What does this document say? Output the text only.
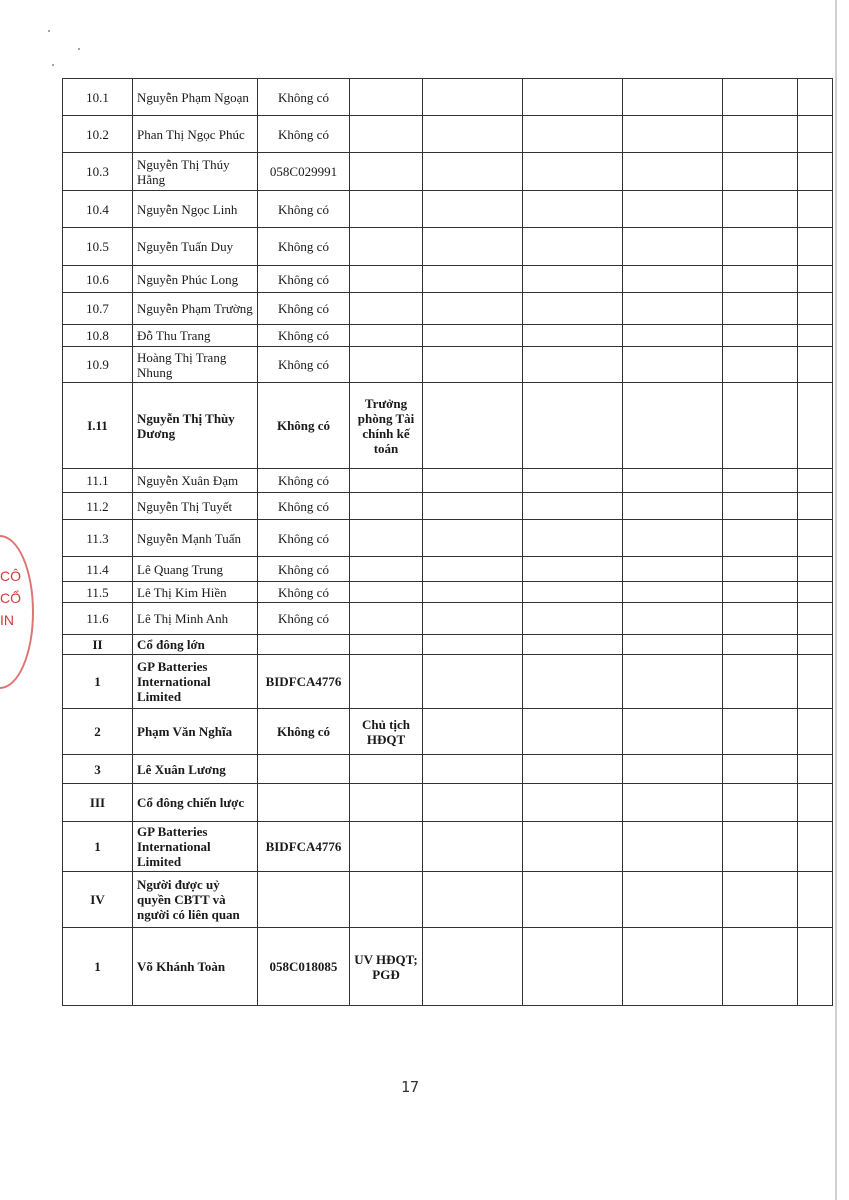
CÔ
CỔ
IN
10.1	Nguyễn Phạm Ngoạn	Không có						
10.2	Phan Thị Ngọc Phúc	Không có						
10.3	Nguyễn Thị Thúy Hằng	058C029991						
10.4	Nguyễn Ngọc Linh	Không có						
10.5	Nguyễn Tuấn Duy	Không có						
10.6	Nguyễn Phúc Long	Không có						
10.7	Nguyễn Phạm Trường	Không có						
10.8	Đỗ Thu Trang	Không có						
10.9	Hoàng Thị Trang Nhung	Không có						
I.11	Nguyễn Thị Thùy Dương	Không có	Trưởng phòng Tài chính kế toán					
11.1	Nguyễn Xuân Đạm	Không có						
11.2	Nguyễn Thị Tuyết	Không có						
11.3	Nguyễn Mạnh Tuấn	Không có						
11.4	Lê Quang Trung	Không có						
11.5	Lê Thị Kim Hiền	Không có						
11.6	Lê Thị Minh Anh	Không có						
II	Cổ đông lớn							
1	GP Batteries International Limited	BIDFCA4776						
2	Phạm Văn Nghĩa	Không có	Chủ tịch HĐQT					
3	Lê Xuân Lương							
III	Cổ đông chiến lược							
1	GP Batteries International Limited	BIDFCA4776						
IV	Người được uỷ quyền CBTT và người có liên quan							
1	Võ Khánh Toàn	058C018085	UV HĐQT; PGĐ					
17
